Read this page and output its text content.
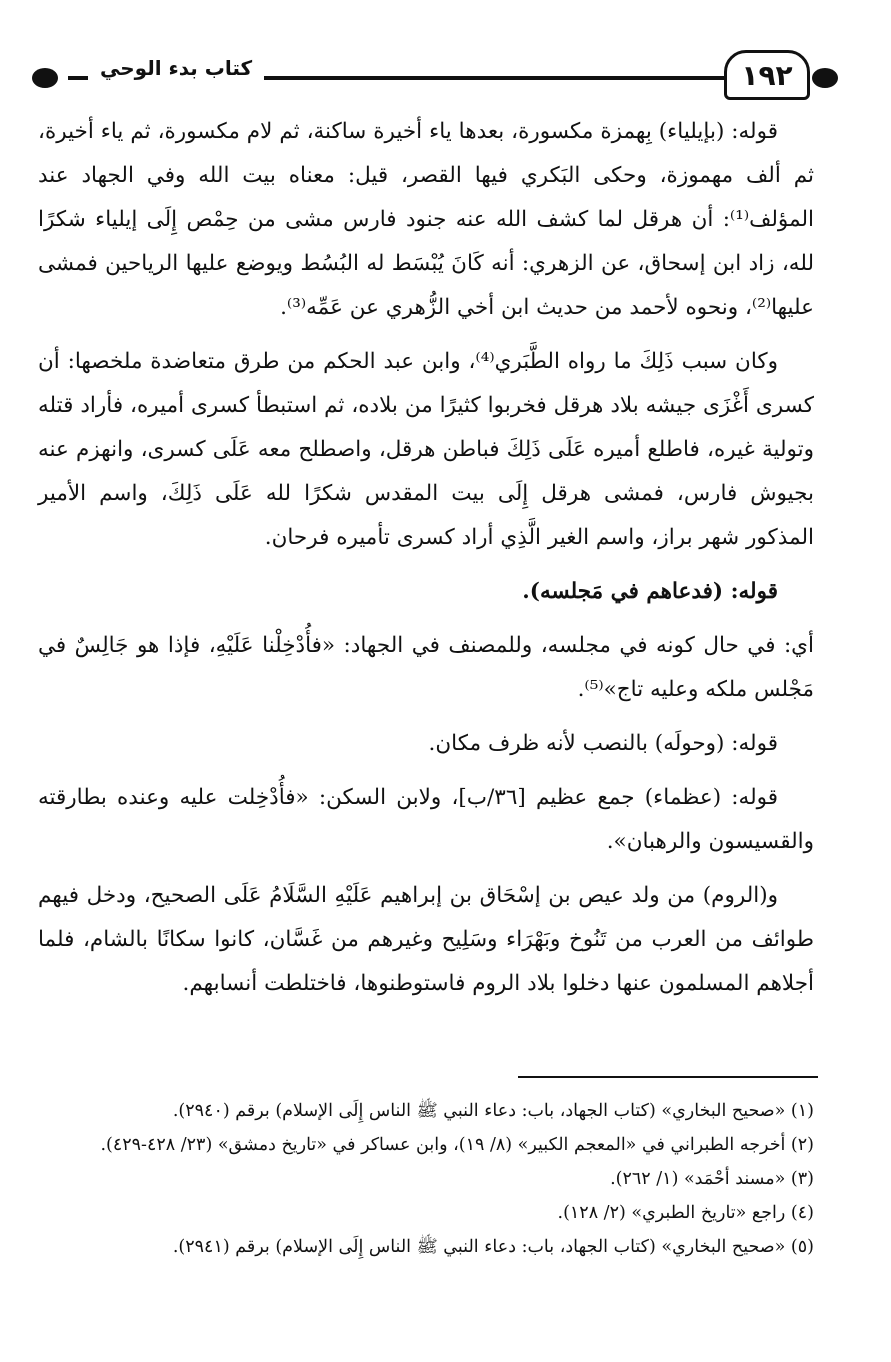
كتاب بدء الوحي	١٩٢

قوله: (بإيلياء) بِهمزة مكسورة، بعدها ياء أخيرة ساكنة، ثم لام مكسورة، ثم ياء أخيرة، ثم ألف مهموزة، وحكى البَكري فيها القصر، قيل: معناه بيت الله وفي الجهاد عند المؤلف⁽¹⁾: أن هرقل لما كشف الله عنه جنود فارس مشى من حِمْص إِلَى إيلياء شكرًا لله، زاد ابن إسحاق، عن الزهري: أنه كَانَ يُبْسَط له البُسُط ويوضع عليها الرياحين فمشى عليها⁽²⁾، ونحوه لأحمد من حديث ابن أخي الزُّهري عن عَمِّه⁽³⁾.

وكان سبب ذَلِكَ ما رواه الطَّبَري⁽⁴⁾، وابن عبد الحكم من طرق متعاضدة ملخصها: أن كسرى أَغْزَى جيشه بلاد هرقل فخربوا كثيرًا من بلاده، ثم استبطأ كسرى أميره، فأراد قتله وتولية غيره، فاطلع أميره عَلَى ذَلِكَ فباطن هرقل، واصطلح معه عَلَى كسرى، وانهزم عنه بجيوش فارس، فمشى هرقل إِلَى بيت المقدس شكرًا لله عَلَى ذَلِكَ، واسم الأمير المذكور شهر براز، واسم الغير الَّذِي أراد كسرى تأميره فرحان.

قوله: (فدعاهم في مَجلسه).

أي: في حال كونه في مجلسه، وللمصنف في الجهاد: «فأُدْخِلْنا عَلَيْهِ، فإذا هو جَالِسٌ في مَجْلس ملكه وعليه تاج»⁽⁵⁾.

قوله: (وحولَه) بالنصب لأنه ظرف مكان.

قوله: (عظماء) جمع عظيم [٣٦/ب]، ولابن السكن: «فأُدْخِلت عليه وعنده بطارقته والقسيسون والرهبان».

و(الروم) من ولد عيص بن إسْحَاق بن إبراهيم عَلَيْهِ السَّلَامُ عَلَى الصحيح، ودخل فيهم طوائف من العرب من تَنُوخ وبَهْرَاء وسَلِيح وغيرهم من غَسَّان، كانوا سكانًا بالشام، فلما أجلاهم المسلمون عنها دخلوا بلاد الروم فاستوطنوها، فاختلطت أنسابهم.

(١) «صحيح البخاري» (كتاب الجهاد، باب: دعاء النبي ﷺ الناس إِلَى الإسلام) برقم (٢٩٤٠).

(٢) أخرجه الطبراني في «المعجم الكبير» (٨/ ١٩)، وابن عساكر في «تاريخ دمشق» (٢٣/ ٤٢٨-٤٢٩).

(٣) «مسند أحْمَد» (١/ ٢٦٢).

(٤) راجع «تاريخ الطبري» (٢/ ١٢٨).

(٥) «صحيح البخاري» (كتاب الجهاد، باب: دعاء النبي ﷺ الناس إِلَى الإسلام) برقم (٢٩٤١).
